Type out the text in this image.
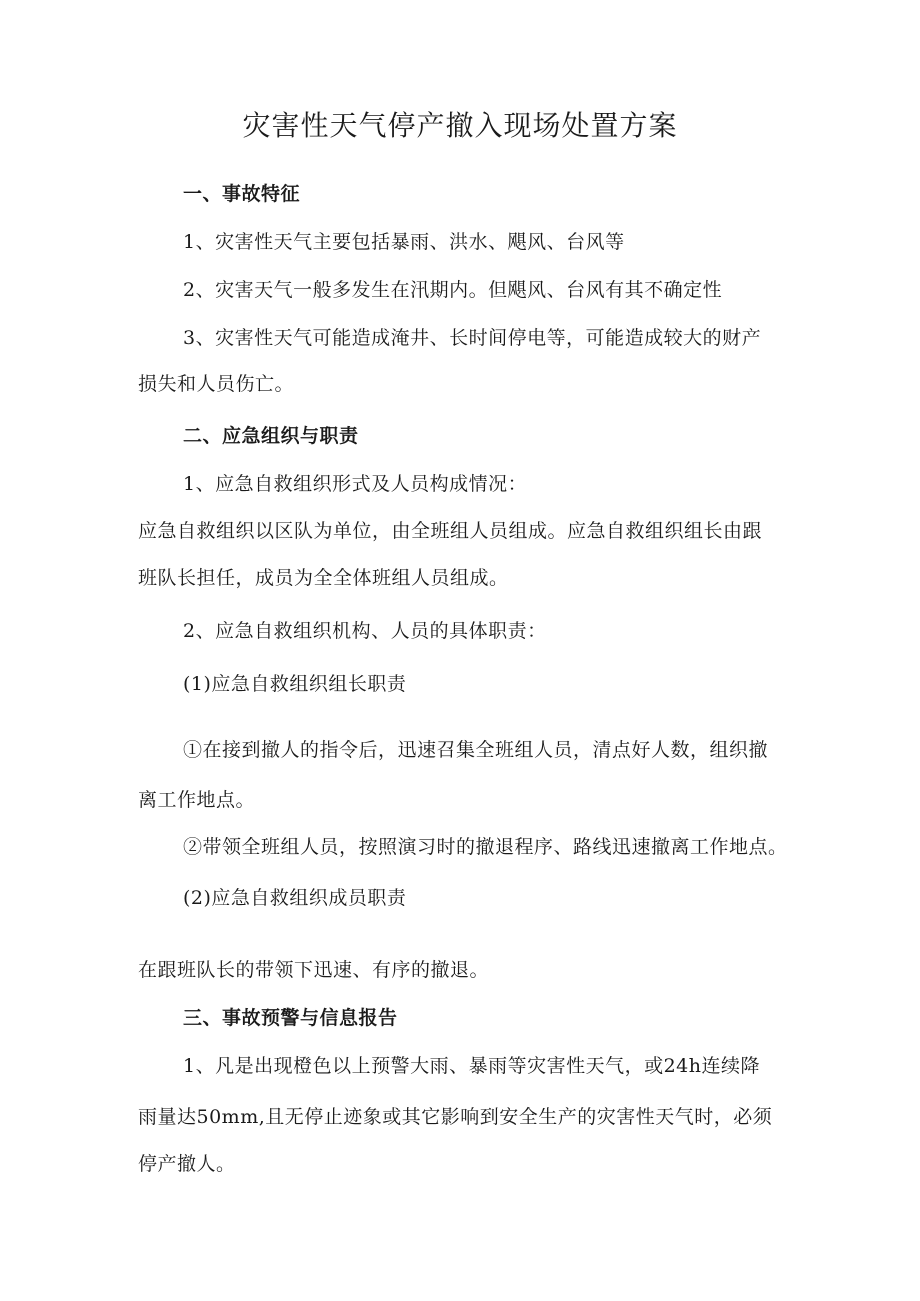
灾害性天气停产撤入现场处置方案
一、事故特征
1、灾害性天气主要包括暴雨、洪水、飓风、台风等
2、灾害天气一般多发生在汛期内。但飓风、台风有其不确定性
3、灾害性天气可能造成淹井、长时间停电等，可能造成较大的财产
损失和人员伤亡。
二、应急组织与职责
1、应急自救组织形式及人员构成情况：
应急自救组织以区队为单位，由全班组人员组成。应急自救组织组长由跟
班队长担任，成员为全全体班组人员组成。
2、应急自救组织机构、人员的具体职责：
(1)应急自救组织组长职责
①在接到撤人的指令后，迅速召集全班组人员，清点好人数，组织撤
离工作地点。
②带领全班组人员，按照演习时的撤退程序、路线迅速撤离工作地点。
(2)应急自救组织成员职责
在跟班队长的带领下迅速、有序的撤退。
三、事故预警与信息报告
1、凡是出现橙色以上预警大雨、暴雨等灾害性天气，或24h连续降
雨量达50mm,且无停止迹象或其它影响到安全生产的灾害性天气时，必须
停产撤人。
